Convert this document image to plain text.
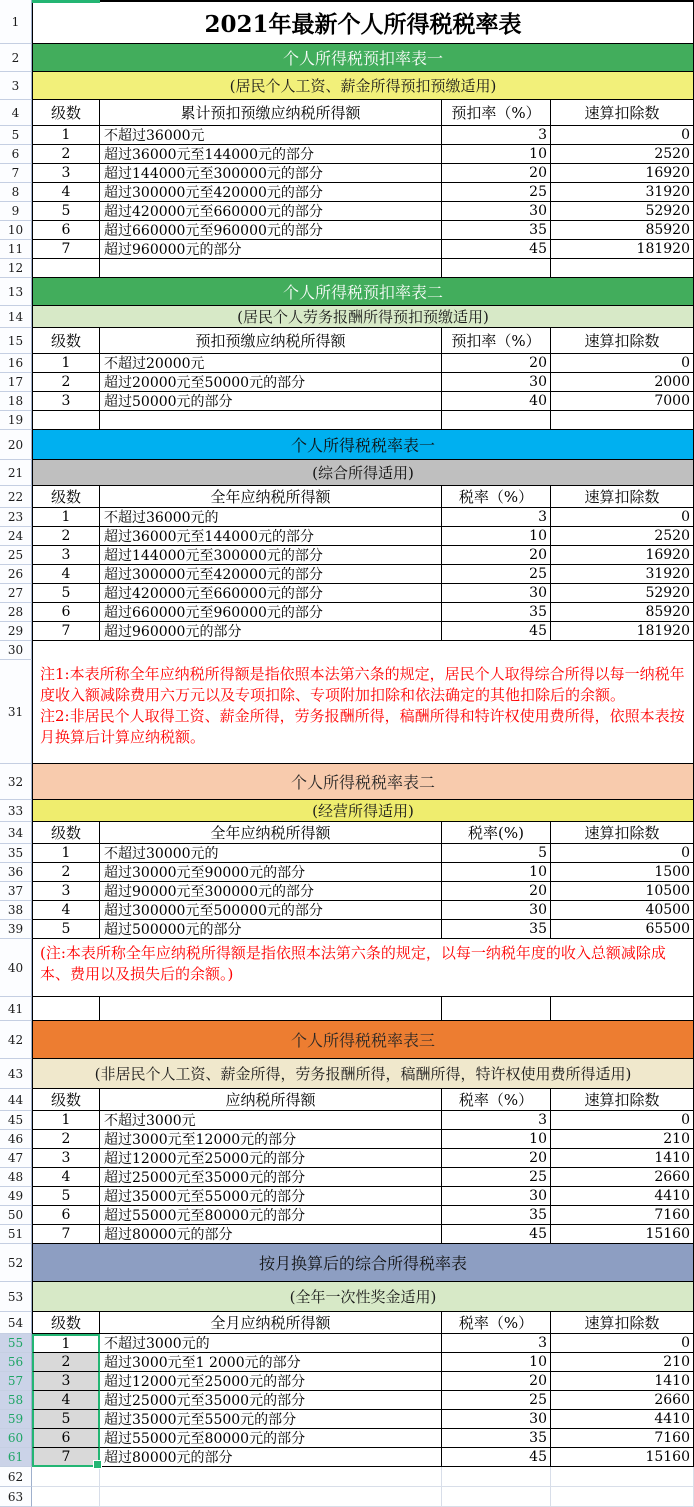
1	2021年最新个人所得税税率表
2	个人所得税预扣率表一
3	(居民个人工资、薪金所得预扣预缴适用)
4	级数	累计预扣预缴应纳税所得额	预扣率（%）	速算扣除数
5	1	不超过36000元	3	0
6	2	超过36000元至144000元的部分	10	2520
7	3	超过144000元至300000元的部分	20	16920
8	4	超过300000元至420000元的部分	25	31920
9	5	超过420000元至660000元的部分	30	52920
10	6	超过660000元至960000元的部分	35	85920
11	7	超过960000元的部分	45	181920
12
13	个人所得税预扣率表二
14	(居民个人劳务报酬所得预扣预缴适用)
15	级数	预扣预缴应纳税所得额	预扣率（%）	速算扣除数
16	1	不超过20000元	20	0
17	2	超过20000元至50000元的部分	30	2000
18	3	超过50000元的部分	40	7000
19
20	个人所得税税率表一
21	(综合所得适用)
22	级数	全年应纳税所得额	税率（%）	速算扣除数
23	1	不超过36000元的	3	0
24	2	超过36000元至144000元的部分	10	2520
25	3	超过144000元至300000元的部分	20	16920
26	4	超过300000元至420000元的部分	25	31920
27	5	超过420000元至660000元的部分	30	52920
28	6	超过660000元至960000元的部分	35	85920
29	7	超过960000元的部分	45	181920
30
31
注1:本表所称全年应纳税所得额是指依照本法第六条的规定，居民个人取得综合所得以每一纳税年度收入额减除费用六万元以及专项扣除、专项附加扣除和依法确定的其他扣除后的余额。
注2:非居民个人取得工资、薪金所得，劳务报酬所得，稿酬所得和特许权使用费所得，依照本表按月换算后计算应纳税额。
32	个人所得税税率表二
33	(经营所得适用)
34	级数	全年应纳税所得额	税率(%)	速算扣除数
35	1	不超过30000元的	5	0
36	2	超过30000元至90000元的部分	10	1500
37	3	超过90000元至300000元的部分	20	10500
38	4	超过300000元至500000元的部分	30	40500
39	5	超过500000元的部分	35	65500
40
(注:本表所称全年应纳税所得额是指依照本法第六条的规定，以每一纳税年度的收入总额减除成本、费用以及损失后的余额。)
41
42	个人所得税税率表三
43	(非居民个人工资、薪金所得，劳务报酬所得，稿酬所得，特许权使用费所得适用)
44	级数	应纳税所得额	税率（%）	速算扣除数
45	1	不超过3000元	3	0
46	2	超过3000元至12000元的部分	10	210
47	3	超过12000元至25000元的部分	20	1410
48	4	超过25000元至35000元的部分	25	2660
49	5	超过35000元至55000元的部分	30	4410
50	6	超过55000元至80000元的部分	35	7160
51	7	超过80000元的部分	45	15160
52	按月换算后的综合所得税率表
53	(全年一次性奖金适用)
54	级数	全月应纳税所得额	税率（%）	速算扣除数
55	1	不超过3000元的	3	0
56	2	超过3000元至1 2000元的部分	10	210
57	3	超过12000元至25000元的部分	20	1410
58	4	超过25000元至35000元的部分	25	2660
59	5	超过35000元至5500元的部分	30	4410
60	6	超过55000元至80000元的部分	35	7160
61	7	超过80000元的部分	45	15160
62
63
